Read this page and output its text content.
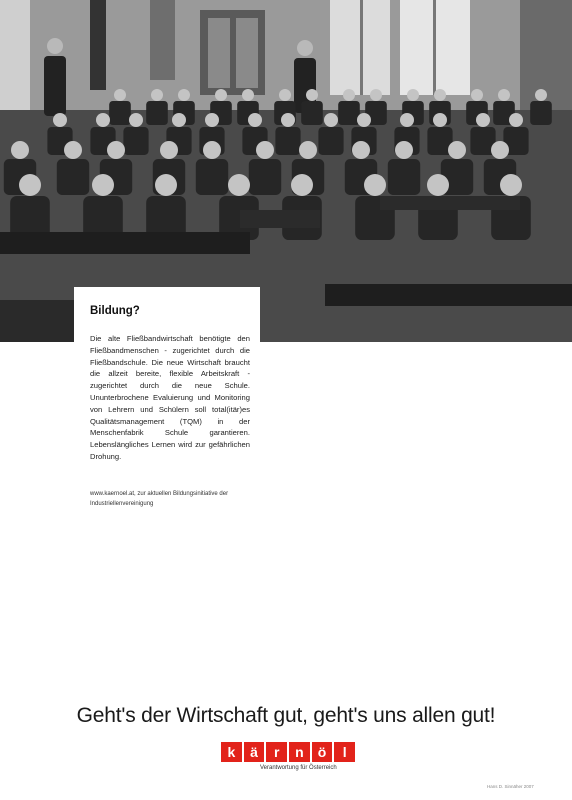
Bildung?
Die alte Fließbandwirtschaft benötigte den Fließbandmenschen - zugerichtet durch die Fließbandschule. Die neue Wirtschaft braucht die allzeit bereite, flexible Arbeitskraft - zugerichtet durch die neue Schule. Ununterbrochene Evaluierung und Monitoring von Lehrern und Schülern soll total(itär)es Qualitätsmanagement (TQM) in der Menschenfabrik Schule garantieren. Lebenslängliches Lernen wird zur gefährlichen Drohung.
www.kaernoel.at, zur aktuellen Bildungsinitiative der Industriellenvereinigung
Geht's der Wirtschaft gut, geht's uns allen gut!
k	ä	r	n	ö	l
Verantwortung für Österreich
Hans D. Sinnäher 2007
